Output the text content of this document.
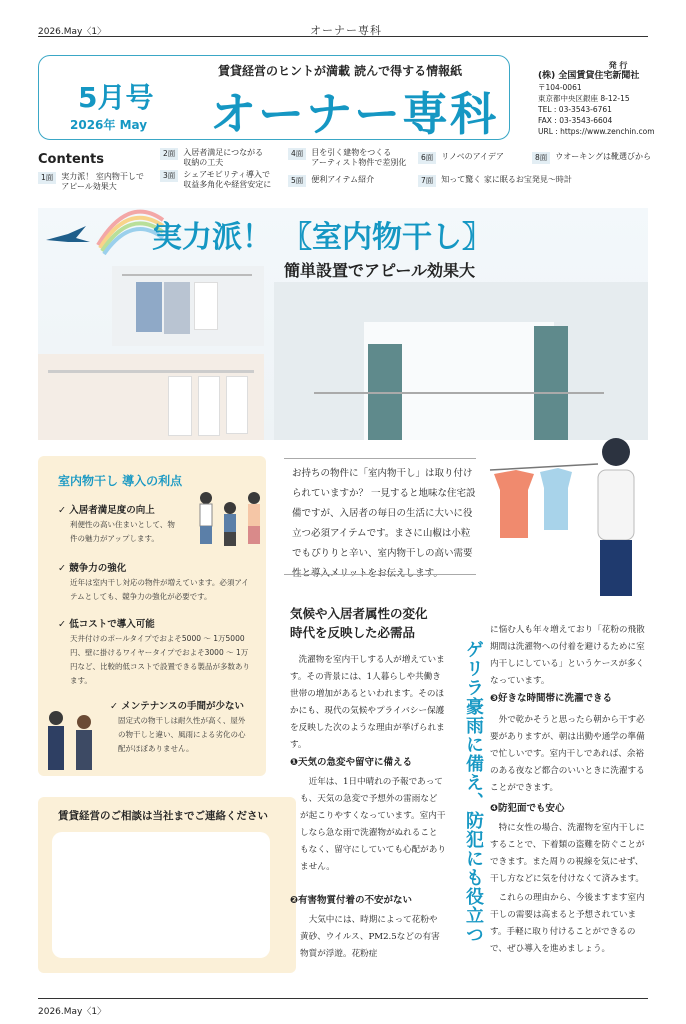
2026.May〈1〉	オーナー専科
5月号
2026年 May
賃貸経営のヒントが満載 読んで得する情報紙
オーナー専科
発 行
(株) 全国賃貸住宅新聞社
〒104-0061
東京都中央区銀座 8-12-15
TEL : 03-3543-6761
FAX : 03-3543-6604
URL : https://www.zenchin.com
Contents
1面	実力派！ 室内物干しで
アピール効果大
2面	入居者満足につながる
収納の工夫
3面	シェアモビリティ導入で
収益多角化や経営安定に
4面	目を引く建物をつくる
アーティスト物件で差別化
5面	便利アイテム紹介
6面	リノベのアイデア
7面	知って驚く 家に眠るお宝発見〜時計
8面	ウオーキングは靴選びから
実力派！ 〖室内物干し〗
簡単設置でアピール効果大
室内物干し 導入の利点
✓ 入居者満足度の向上
利便性の高い住まいとして、物
件の魅力がアップします。
✓ 競争力の強化
近年は室内干し対応の物件が増えています。必須アイ
テムとしても、競争力の強化が必要です。
✓ 低コストで導入可能
天井付けのポールタイプでおよそ5000 〜 1万5000
円、壁に掛けるワイヤータイプでおよそ3000 〜 1万
円など、比較的低コストで設置できる製品が多数あり
ます。
✓ メンテナンスの手間が少ない
固定式の物干しは耐久性が高く、屋外
の物干しと違い、風雨による劣化の心
配がほぼありません。
賃貸経営のご相談は当社までご連絡ください
お持ちの物件に「室内物干し」は取り付けられていますか？ 一見すると地味な住宅設備ですが、入居者の毎日の生活に大いに役立つ必須アイテムです。まさに山椒は小粒でもぴりりと辛い、室内物干しの高い需要性と導入メリットをお伝えします。
気候や入居者属性の変化
時代を反映した必需品
ゲリラ豪雨に備え、防犯にも役立つ
洗濯物を室内干しする人が増えています。その背景には、1人暮らしや共働き世帯の増加があるといわれます。そのほかにも、現代の気候やプライバシー保護を反映した次のような理由が挙げられます。
❶天気の急変や留守に備える
近年は、1日中晴れの予報であっても、天気の急変で予想外の雷雨などが起こりやすくなっています。室内干しなら急な雨で洗濯物がぬれることもなく、留守にしていても心配がありません。
❷有害物質付着の不安がない
大気中には、時期によって花粉や黄砂、ウイルス、PM2.5などの有害物質が浮遊。花粉症
に悩む人も年々増えており「花粉の飛散期間は洗濯物への付着を避けるために室内干しにしている」というケースが多くなっています。
❸好きな時間帯に洗濯できる
外で乾かそうと思ったら朝から干す必要がありますが、朝は出勤や通学の準備で忙しいです。室内干しであれば、余裕のある夜など都合のいいときに洗濯することができます。
❹防犯面でも安心
特に女性の場合、洗濯物を室内干しにすることで、下着類の盗難を防ぐことができます。また周りの視線を気にせず、干し方などに気を付けなくて済みます。
これらの理由から、今後ますます室内干しの需要は高まると予想されています。手軽に取り付けることができるので、ぜひ導入を進めましょう。
2026.May〈1〉
